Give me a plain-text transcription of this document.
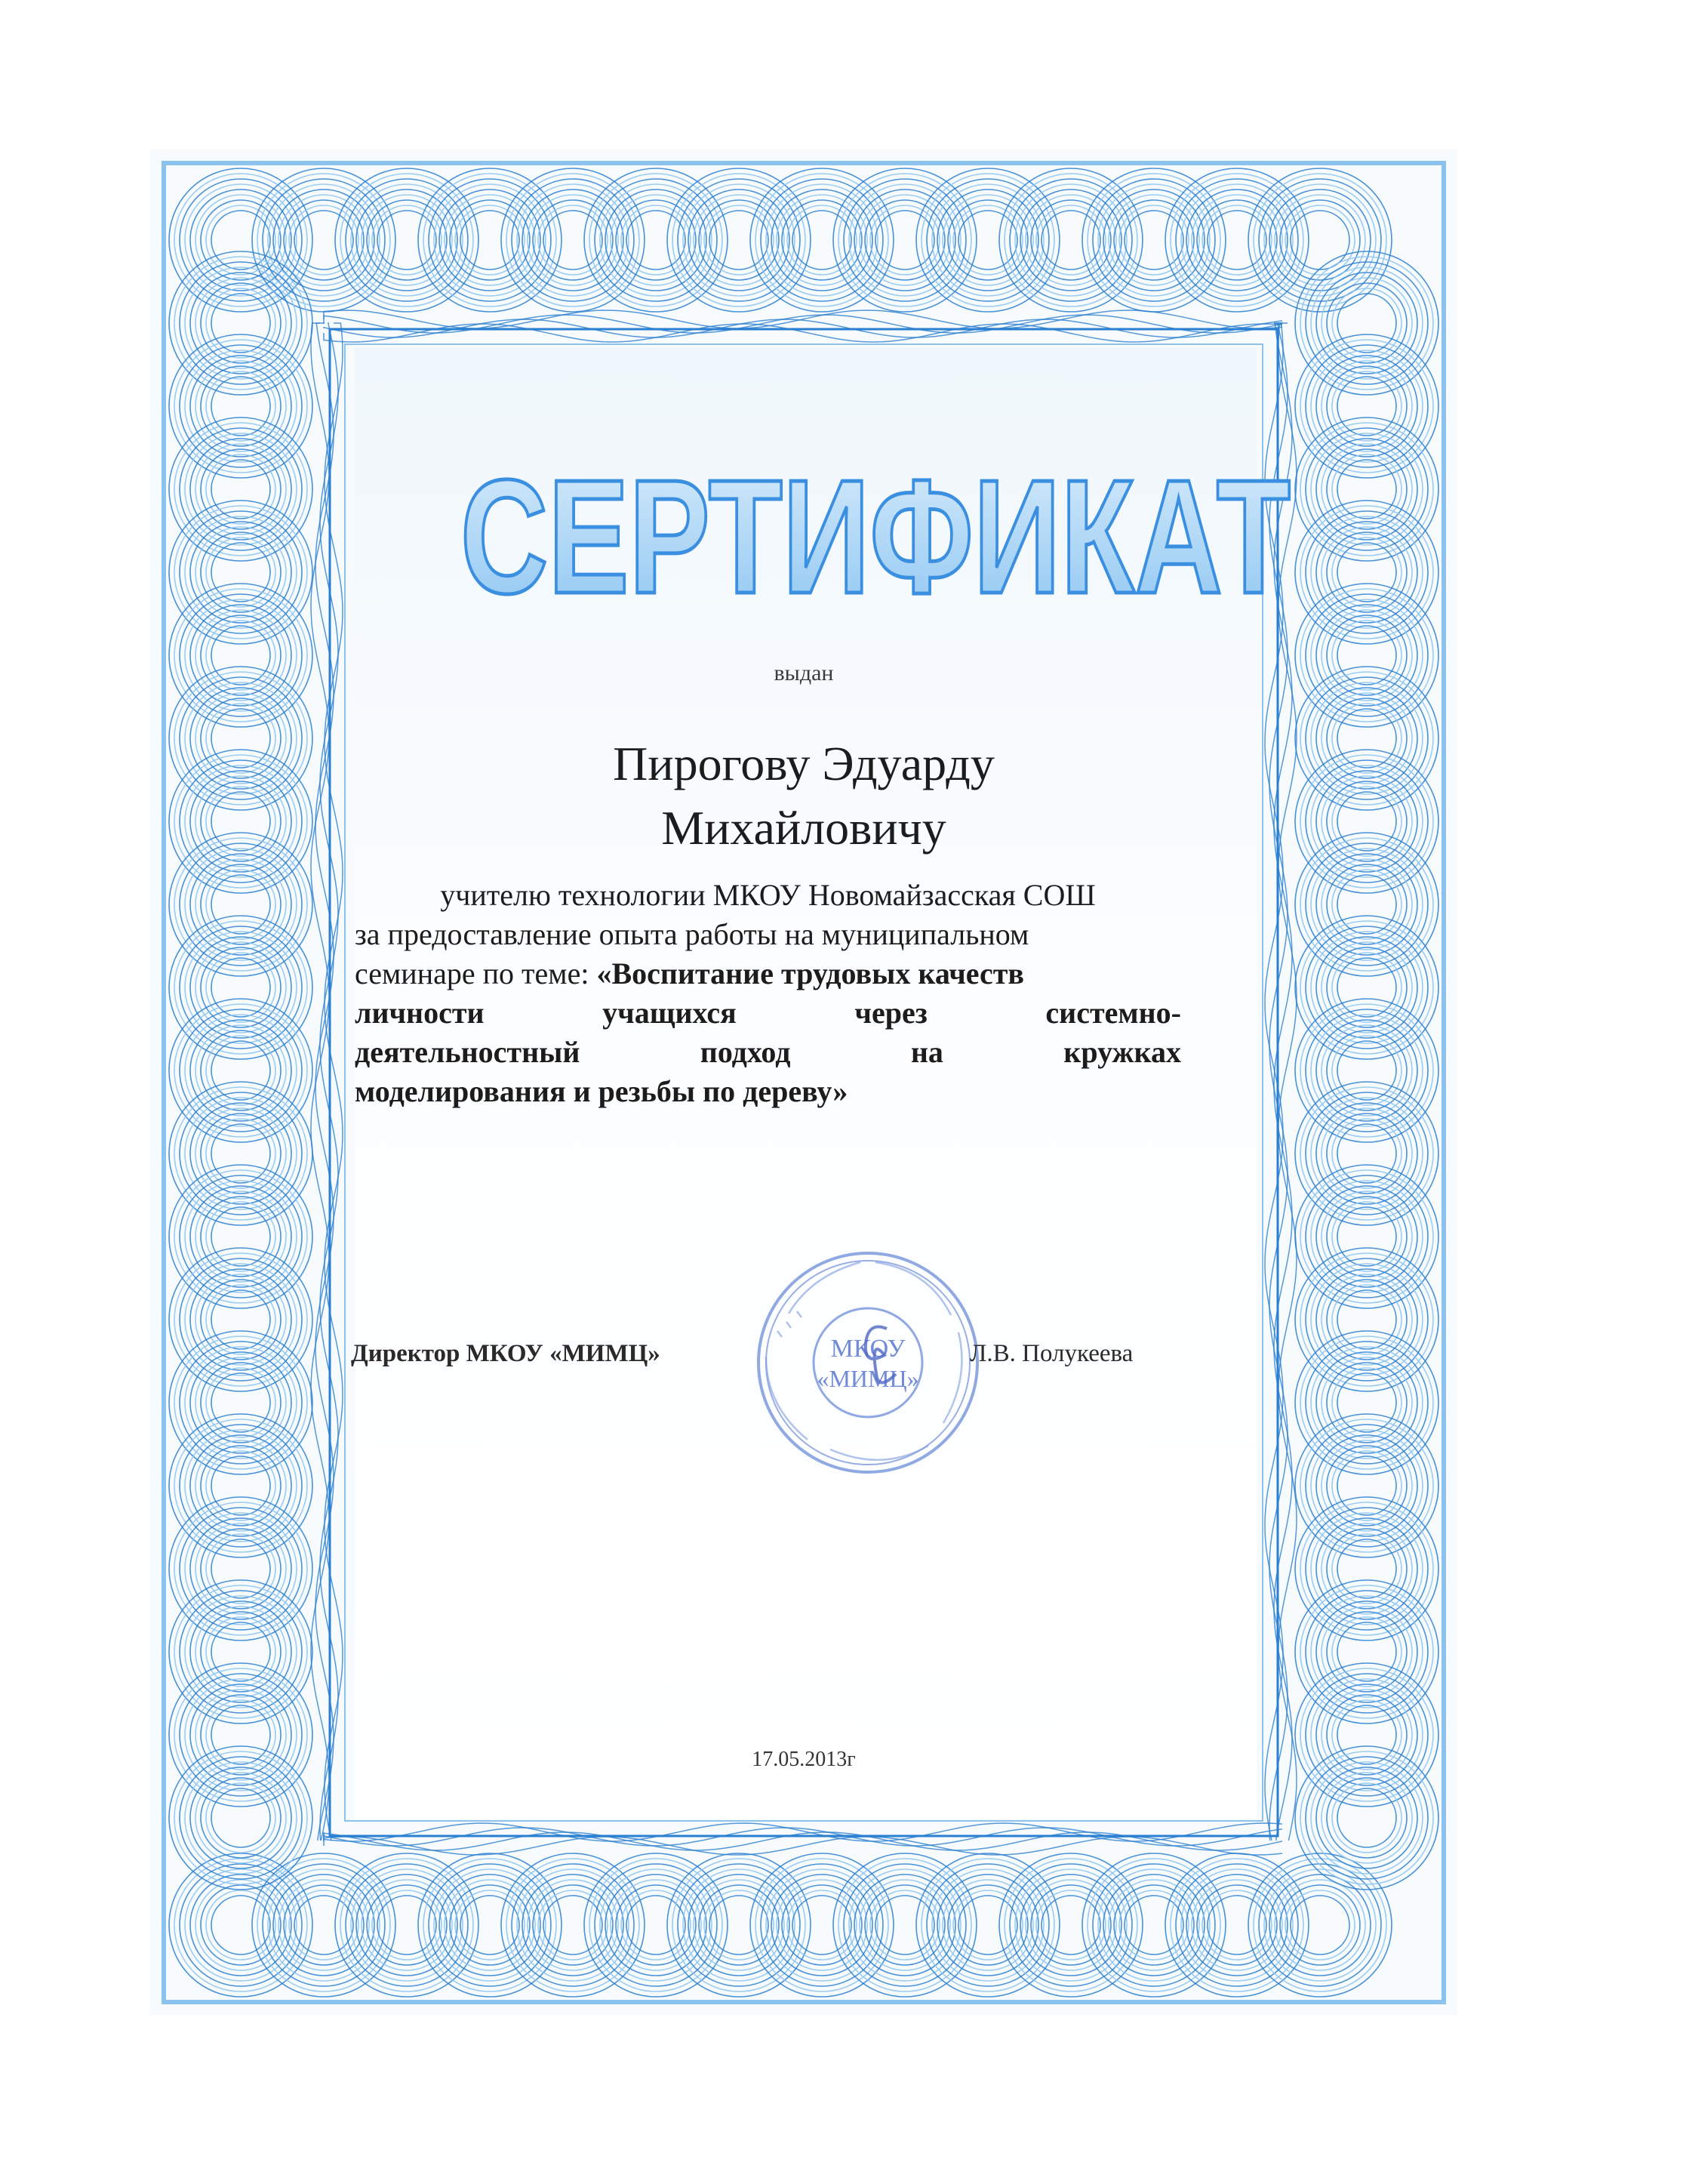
СЕРТИФИКАТ
выдан
Пирогову Эдуарду
Михайловичу
учителю технологии МКОУ Новомайзасская СОШ
за предоставление опыта работы на муниципальном
семинаре по теме: «Воспитание трудовых качеств
личности учащихся через системно-
деятельностный подход на кружках
моделирования и резьбы по дереву»
Директор МКОУ «МИМЦ»	МКОУ
«МИМЦ»
Л.В. Полукеева
17.05.2013г
